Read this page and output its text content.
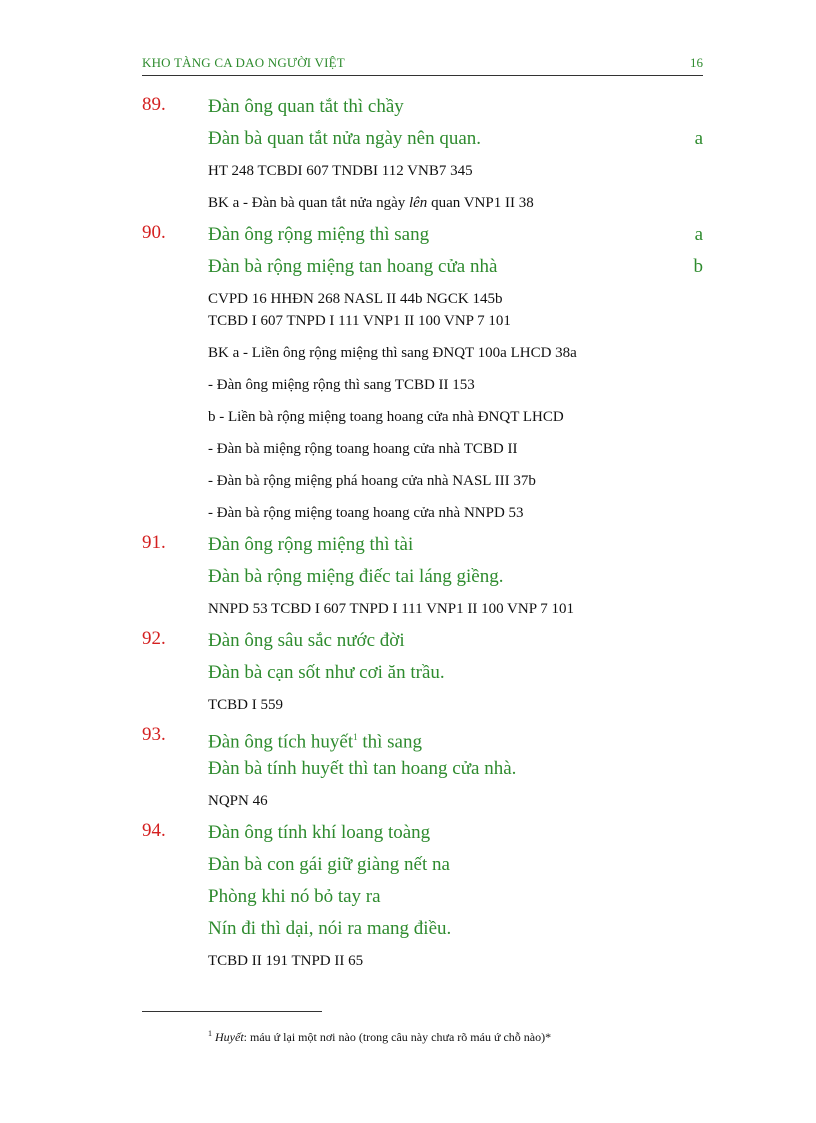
KHO TÀNG CA DAO NGƯỜI VIỆT	16
89.	Đàn ông quan tắt thì chầy
Đàn bà quan tắt nửa ngày nên quan.	a
HT 248 TCBDI 607 TNDBI 112 VNB7 345
BK a - Đàn bà quan tắt nửa ngày lên quan VNP1 II 38
90.	Đàn ông rộng miệng thì sang	a
Đàn bà rộng miệng tan hoang cửa nhà	b
CVPD 16 HHĐN 268 NASL II 44b NGCK 145b
TCBD I 607 TNPD I 111 VNP1 II 100 VNP 7 101
BK a - Liền ông rộng miệng thì sang ĐNQT 100a LHCD 38a
- Đàn ông miệng rộng thì sang TCBD II 153
b - Liền bà rộng miệng toang hoang cửa nhà ĐNQT LHCD
- Đàn bà miệng rộng toang hoang cửa nhà TCBD II
- Đàn bà rộng miệng phá hoang cửa nhà NASL III 37b
- Đàn bà rộng miệng toang hoang cửa nhà NNPD 53
91.	Đàn ông rộng miệng thì tài
Đàn bà rộng miệng điếc tai láng giềng.
NNPD 53 TCBD I 607 TNPD I 111 VNP1 II 100 VNP 7 101
92.	Đàn ông sâu sắc nước đời
Đàn bà cạn sốt như cơi ăn trầu.
TCBD I 559
93.	Đàn ông tích huyết$^1$ thì sang
Đàn bà tính huyết thì tan hoang cửa nhà.
NQPN 46
94.	Đàn ông tính khí loang toàng
Đàn bà con gái giữ giàng nết na
Phòng khi nó bỏ tay ra
Nín đi thì dại, nói ra mang điều.
TCBD II 191 TNPD II 65
$^1$ Huyết: máu ứ lại một nơi nào (trong câu này chưa rõ máu ứ chỗ nào)*
